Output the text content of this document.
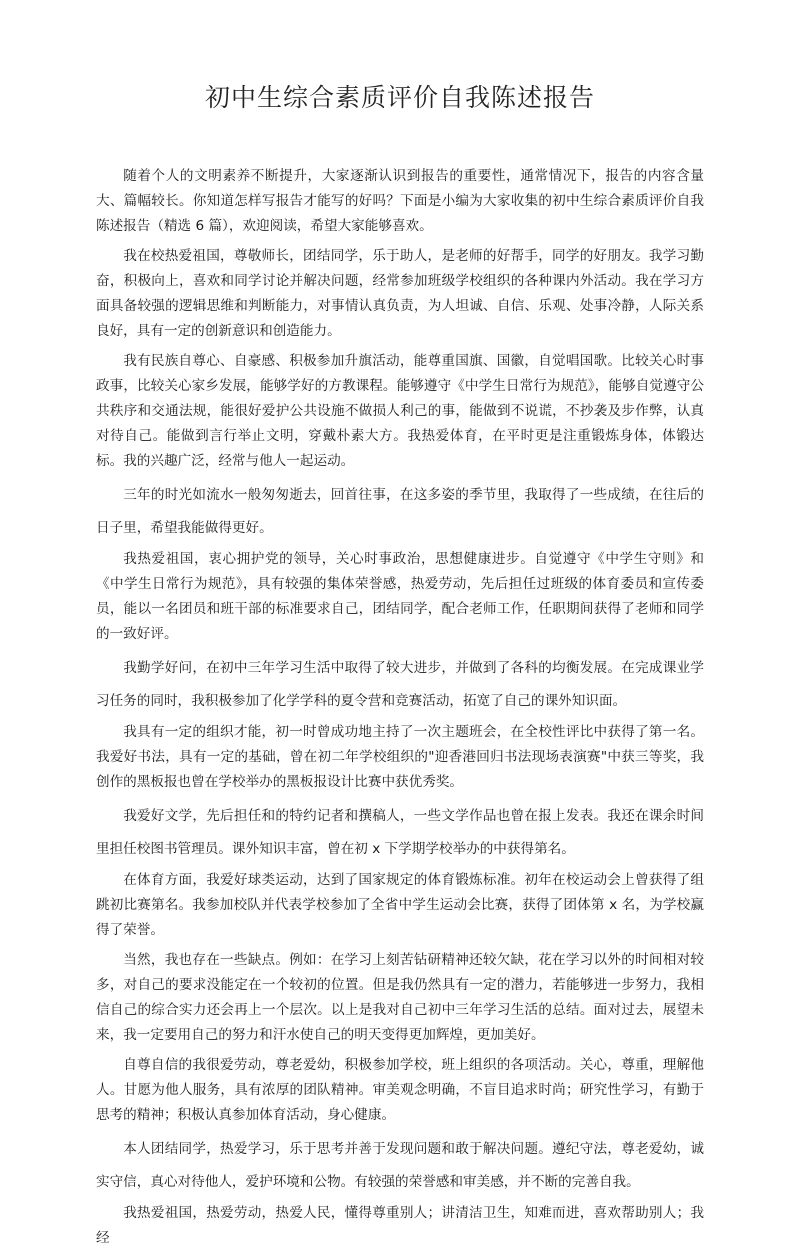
初中生综合素质评价自我陈述报告

随着个人的文明素养不断提升，大家逐渐认识到报告的重要性，通常情况下，报告的内容含量大、篇幅较长。你知道怎样写报告才能写的好吗？下面是小编为大家收集的初中生综合素质评价自我陈述报告（精选 6 篇），欢迎阅读，希望大家能够喜欢。

我在校热爱祖国，尊敬师长，团结同学，乐于助人，是老师的好帮手，同学的好朋友。我学习勤奋，积极向上，喜欢和同学讨论并解决问题，经常参加班级学校组织的各种课内外活动。我在学习方面具备较强的逻辑思维和判断能力，对事情认真负责，为人坦诚、自信、乐观、处事冷静，人际关系良好，具有一定的创新意识和创造能力。

我有民族自尊心、自豪感、积极参加升旗活动，能尊重国旗、国徽，自觉唱国歌。比较关心时事政事，比较关心家乡发展，能够学好的方教课程。能够遵守《中学生日常行为规范》，能够自觉遵守公共秩序和交通法规，能很好爱护公共设施不做损人利己的事，能做到不说谎，不抄袭及步作弊，认真对待自己。能做到言行举止文明，穿戴朴素大方。我热爱体育，在平时更是注重锻炼身体，体锻达标。我的兴趣广泛，经常与他人一起运动。

三年的时光如流水一般匆匆逝去，回首往事，在这多姿的季节里，我取得了一些成绩，在往后的日子里，希望我能做得更好。

我热爱祖国，衷心拥护党的领导，关心时事政治，思想健康进步。自觉遵守《中学生守则》和《中学生日常行为规范》，具有较强的集体荣誉感，热爱劳动，先后担任过班级的体育委员和宣传委员，能以一名团员和班干部的标准要求自己，团结同学，配合老师工作，任职期间获得了老师和同学的一致好评。

我勤学好问，在初中三年学习生活中取得了较大进步，并做到了各科的均衡发展。在完成课业学习任务的同时，我积极参加了化学学科的夏令营和竞赛活动，拓宽了自己的课外知识面。

我具有一定的组织才能，初一时曾成功地主持了一次主题班会，在全校性评比中获得了第一名。我爱好书法，具有一定的基础，曾在初二年学校组织的"迎香港回归书法现场表演赛"中获三等奖，我创作的黑板报也曾在学校举办的黑板报设计比赛中获优秀奖。

我爱好文学，先后担任和的特约记者和撰稿人，一些文学作品也曾在报上发表。我还在课余时间里担任校图书管理员。课外知识丰富，曾在初 x 下学期学校举办的中获得第名。

在体育方面，我爱好球类运动，达到了国家规定的体育锻炼标准。初年在校运动会上曾获得了组跳初比赛第名。我参加校队并代表学校参加了全省中学生运动会比赛，获得了团体第 x 名，为学校赢得了荣誉。

当然，我也存在一些缺点。例如：在学习上刻苦钻研精神还较欠缺，花在学习以外的时间相对较多，对自己的要求没能定在一个较初的位置。但是我仍然具有一定的潜力，若能够进一步努力，我相信自己的综合实力还会再上一个层次。以上是我对自己初中三年学习生活的总结。面对过去，展望未来，我一定要用自己的努力和汗水使自己的明天变得更加辉煌，更加美好。

自尊自信的我很爱劳动，尊老爱幼，积极参加学校，班上组织的各项活动。关心，尊重，理解他人。甘愿为他人服务，具有浓厚的团队精神。审美观念明确，不盲目追求时尚；研究性学习，有勤于思考的精神；积极认真参加体育活动，身心健康。

本人团结同学，热爱学习，乐于思考并善于发现问题和敢于解决问题。遵纪守法，尊老爱幼，诚实守信，真心对待他人，爱护环境和公物。有较强的荣誉感和审美感，并不断的完善自我。

我热爱祖国，热爱劳动，热爱人民，懂得尊重别人；讲清洁卫生，知难而进，喜欢帮助别人；我经
